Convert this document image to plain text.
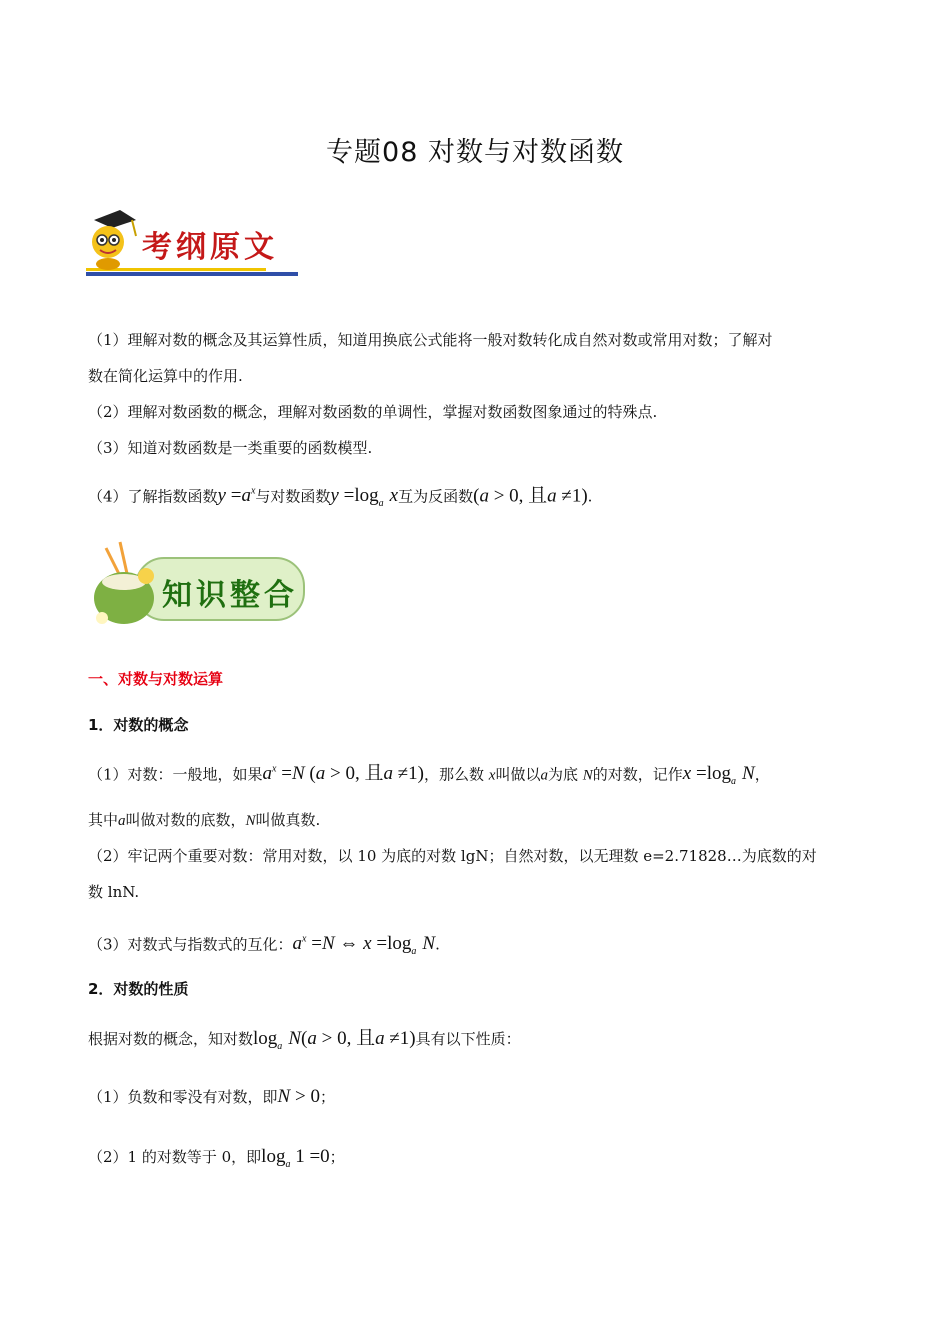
专题08 对数与对数函数
考纲原文
（1）理解对数的概念及其运算性质，知道用换底公式能将一般对数转化成自然对数或常用对数；了解对
数在简化运算中的作用.
（2）理解对数函数的概念，理解对数函数的单调性，掌握对数函数图象通过的特殊点.
（3）知道对数函数是一类重要的函数模型.
（4）了解指数函数$y =a^x$与对数函数$y =\log_a$ x互为反函数(a > 0, 且a ≠1).
知识整合
一、对数与对数运算
1．对数的概念
（1）对数：一般地，如果$a^x =N$ (a > 0, 且a ≠1)，那么数 x叫做以a为底 N的对数，记作$x =\log_a$ N，
其中a叫做对数的底数，N叫做真数.
（2）牢记两个重要对数：常用对数，以 10 为底的对数 lgN；自然对数，以无理数 e=2.71828…为底数的对
数 lnN.
（3）对数式与指数式的互化：$a^x =N$ ⇔ $x =\log_a$ N.
2．对数的性质
根据对数的概念，知对数$\log_a N(a > 0$, 且a ≠1)具有以下性质：
（1）负数和零没有对数，即N > 0；
（2）1 的对数等于 0，即$\log_a 1 =0$；
